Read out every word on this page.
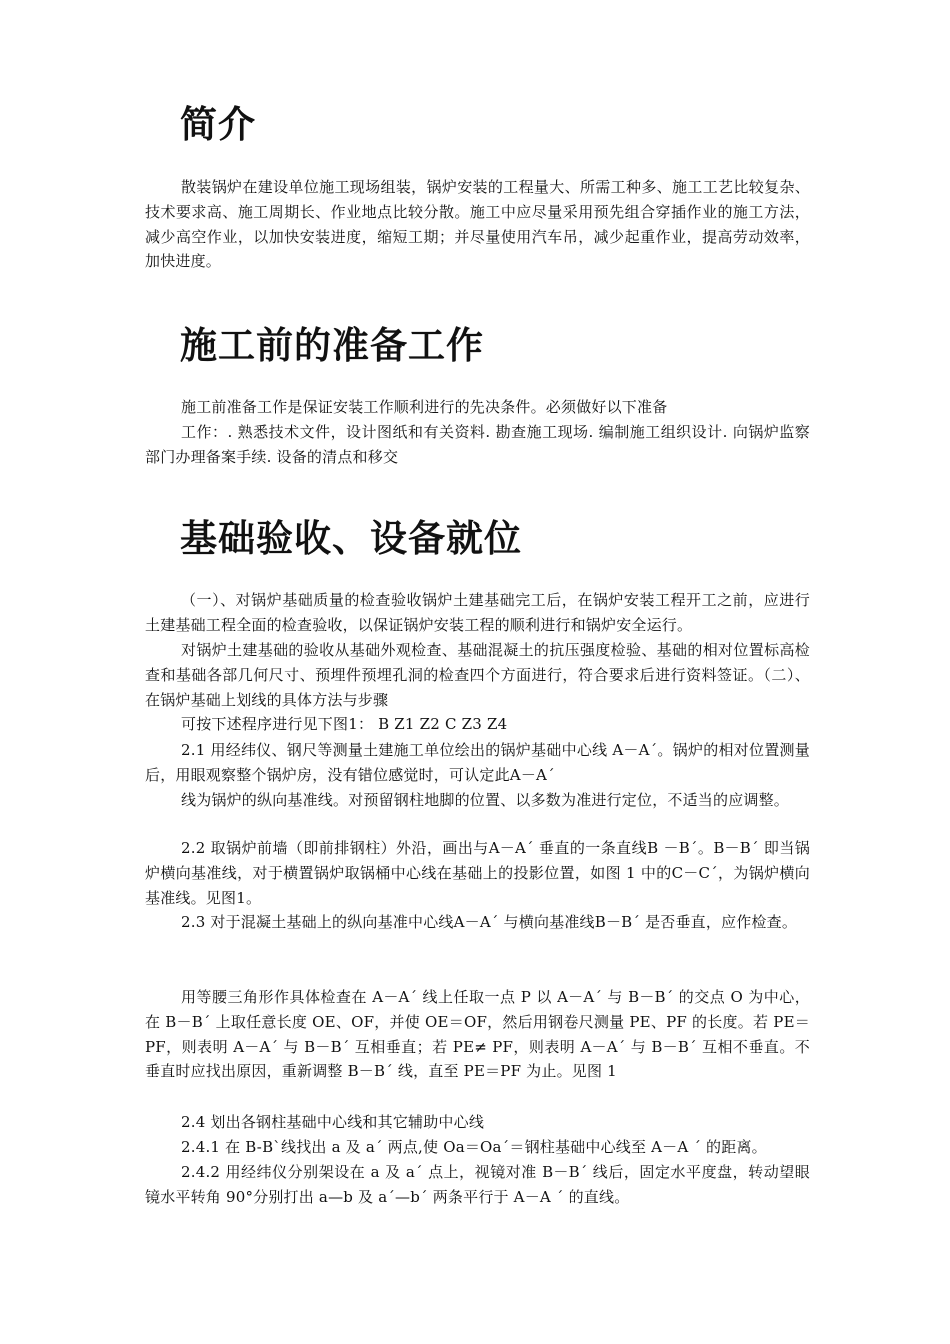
简介

散装锅炉在建设单位施工现场组装，锅炉安装的工程量大、所需工种多、施工工艺比较复杂、技术要求高、施工周期长、作业地点比较分散。施工中应尽量采用预先组合穿插作业的施工方法，减少高空作业，以加快安装进度，缩短工期；并尽量使用汽车吊，减少起重作业，提高劳动效率，加快进度。

施工前的准备工作

施工前准备工作是保证安装工作顺利进行的先决条件。必须做好以下准备

工作：. 熟悉技术文件，设计图纸和有关资料. 勘查施工现场. 编制施工组织设计. 向锅炉监察部门办理备案手续. 设备的清点和移交

基础验收、设备就位

（一）、对锅炉基础质量的检查验收锅炉土建基础完工后，在锅炉安装工程开工之前，应进行土建基础工程全面的检查验收，以保证锅炉安装工程的顺利进行和锅炉安全运行。

对锅炉土建基础的验收从基础外观检查、基础混凝土的抗压强度检验、基础的相对位置标高检查和基础各部几何尺寸、预埋件预埋孔洞的检查四个方面进行，符合要求后进行资料签证。（二）、在锅炉基础上划线的具体方法与步骤

可按下述程序进行见下图1： B Z1 Z2 C Z3 Z4

2.1 用经纬仪、钢尺等测量土建施工单位绘出的锅炉基础中心线 A－A´。锅炉的相对位置测量后，用眼观察整个锅炉房，没有错位感觉时，可认定此A－A´

线为锅炉的纵向基准线。对预留钢柱地脚的位置、以多数为准进行定位，不适当的应调整。

2.2 取锅炉前墙（即前排钢柱）外沿，画出与A－A´ 垂直的一条直线B －B´。B－B´ 即当锅炉横向基准线，对于横置锅炉取锅桶中心线在基础上的投影位置，如图 1 中的C－C´，为锅炉横向基准线。见图1。

2.3 对于混凝土基础上的纵向基准中心线A－A´ 与横向基准线B－B´ 是否垂直，应作检查。

用等腰三角形作具体检查在 A－A´ 线上任取一点 P 以 A－A´ 与 B－B´ 的交点 O 为中心，在 B－B´ 上取任意长度 OE、OF，并使 OE＝OF，然后用钢卷尺测量 PE、PF 的长度。若 PE＝PF，则表明 A－A´ 与 B－B´ 互相垂直；若 PE≠ PF，则表明 A－A´ 与 B－B´ 互相不垂直。不垂直时应找出原因，重新调整 B－B´ 线，直至 PE＝PF 为止。见图 1

2.4 划出各钢柱基础中心线和其它辅助中心线

2.4.1 在 B-B`线找出 a 及 a´ 两点,使 Oa＝Oa´＝钢柱基础中心线至 A－A ´ 的距离。

2.4.2 用经纬仪分别架设在 a 及 a´ 点上，视镜对准 B－B´ 线后，固定水平度盘，转动望眼镜水平转角 90°分别打出 a—b 及 a´—b´ 两条平行于 A－A ´ 的直线。
